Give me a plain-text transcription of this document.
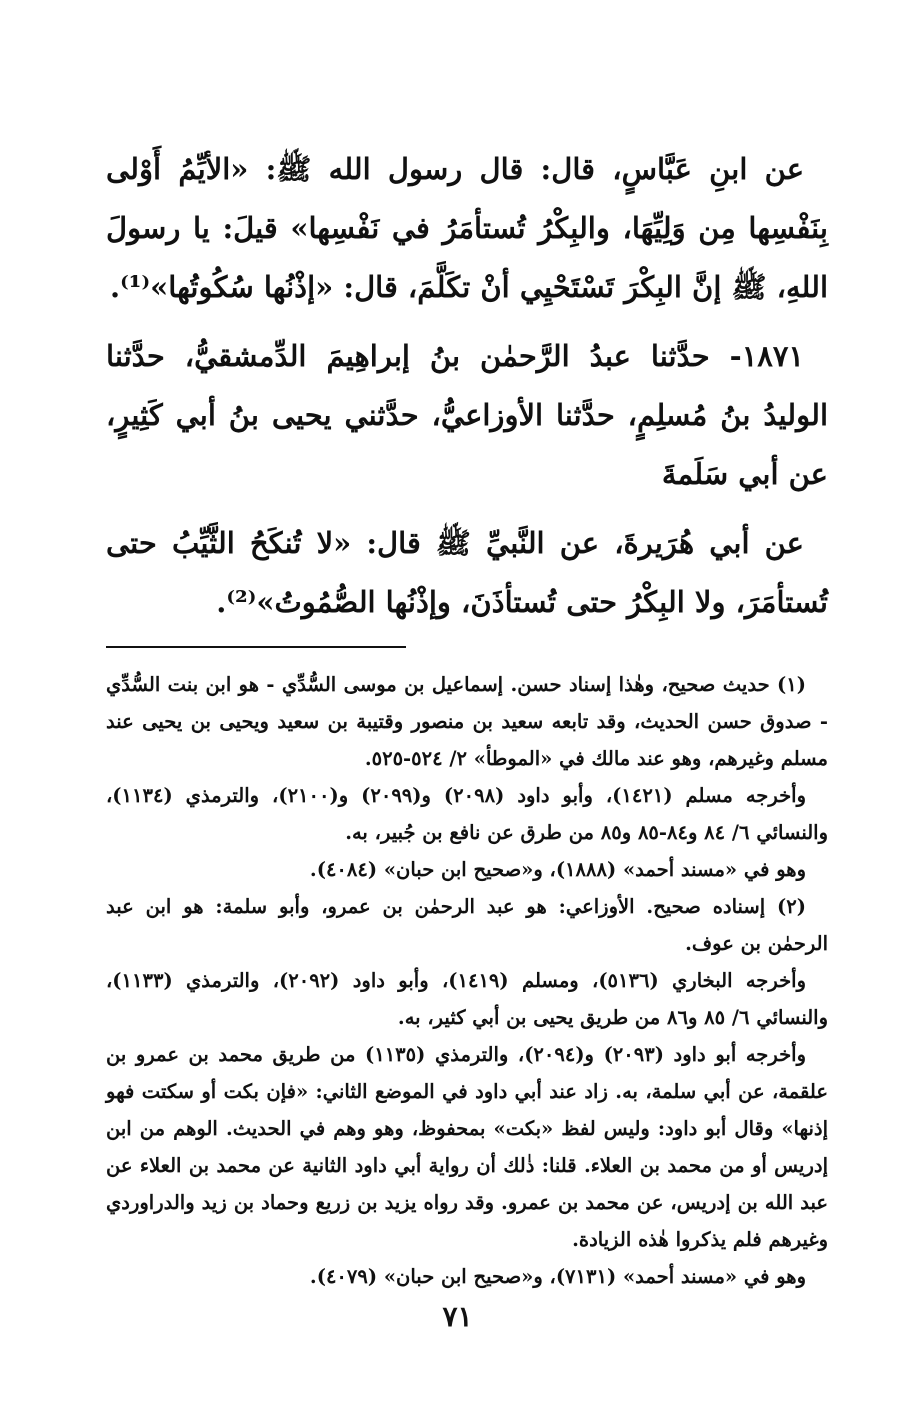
عن ابنِ عَبَّاسٍ، قال: قال رسول الله ﷺ: «الأيِّمُ أَوْلى بِنَفْسِها مِن وَلِيِّهَا، والبِكْرُ تُستأمَرُ في نَفْسِها» قيلَ: يا رسولَ اللهِ، ﷺ إنَّ البِكْرَ تَسْتَحْيِي أنْ تكَلَّمَ، قال: «إذْنُها سُكُوتُها»⁽¹⁾.

١٨٧١- حدَّثنا عبدُ الرَّحمٰن بنُ إبراهِيمَ الدِّمشقيُّ، حدَّثنا الوليدُ بنُ مُسلِمٍ، حدَّثنا الأوزاعيُّ، حدَّثني يحيى بنُ أبي كَثِيرٍ، عن أبي سَلَمةَ

عن أبي هُرَيرةَ، عن النَّبيِّ ﷺ قال: «لا تُنكَحُ الثَّيِّبُ حتى تُستأمَرَ، ولا البِكْرُ حتى تُستأذَنَ، وإذْنُها الصُّمُوتُ»⁽²⁾.

(١) حديث صحيح، وهٰذا إسناد حسن. إسماعيل بن موسى السُّدِّي - هو ابن بنت السُّدِّي - صدوق حسن الحديث، وقد تابعه سعيد بن منصور وقتيبة بن سعيد ويحيى بن يحيى عند مسلم وغيرهم، وهو عند مالك في «الموطأ» ٢/ ٥٢٤-٥٢٥.

وأخرجه مسلم (١٤٢١)، وأبو داود (٢٠٩٨) و(٢٠٩٩) و(٢١٠٠)، والترمذي (١١٣٤)، والنسائي ٦/ ٨٤ و٨٤-٨٥ و٨٥ من طرق عن نافع بن جُبير، به.

وهو في «مسند أحمد» (١٨٨٨)، و«صحيح ابن حبان» (٤٠٨٤).

(٢) إسناده صحيح. الأوزاعي: هو عبد الرحمٰن بن عمرو، وأبو سلمة: هو ابن عبد الرحمٰن بن عوف.

وأخرجه البخاري (٥١٣٦)، ومسلم (١٤١٩)، وأبو داود (٢٠٩٢)، والترمذي (١١٣٣)، والنسائي ٦/ ٨٥ و٨٦ من طريق يحيى بن أبي كثير، به.

وأخرجه أبو داود (٢٠٩٣) و(٢٠٩٤)، والترمذي (١١٣٥) من طريق محمد بن عمرو بن علقمة، عن أبي سلمة، به. زاد عند أبي داود في الموضع الثاني: «فإن بكت أو سكتت فهو إذنها» وقال أبو داود: وليس لفظ «بكت» بمحفوظ، وهو وهم في الحديث. الوهم من ابن إدريس أو من محمد بن العلاء. قلنا: ذٰلك أن رواية أبي داود الثانية عن محمد بن العلاء عن عبد الله بن إدريس، عن محمد بن عمرو. وقد رواه يزيد بن زريع وحماد بن زيد والدراوردي وغيرهم فلم يذكروا هٰذه الزيادة.

وهو في «مسند أحمد» (٧١٣١)، و«صحيح ابن حبان» (٤٠٧٩).

٧١
